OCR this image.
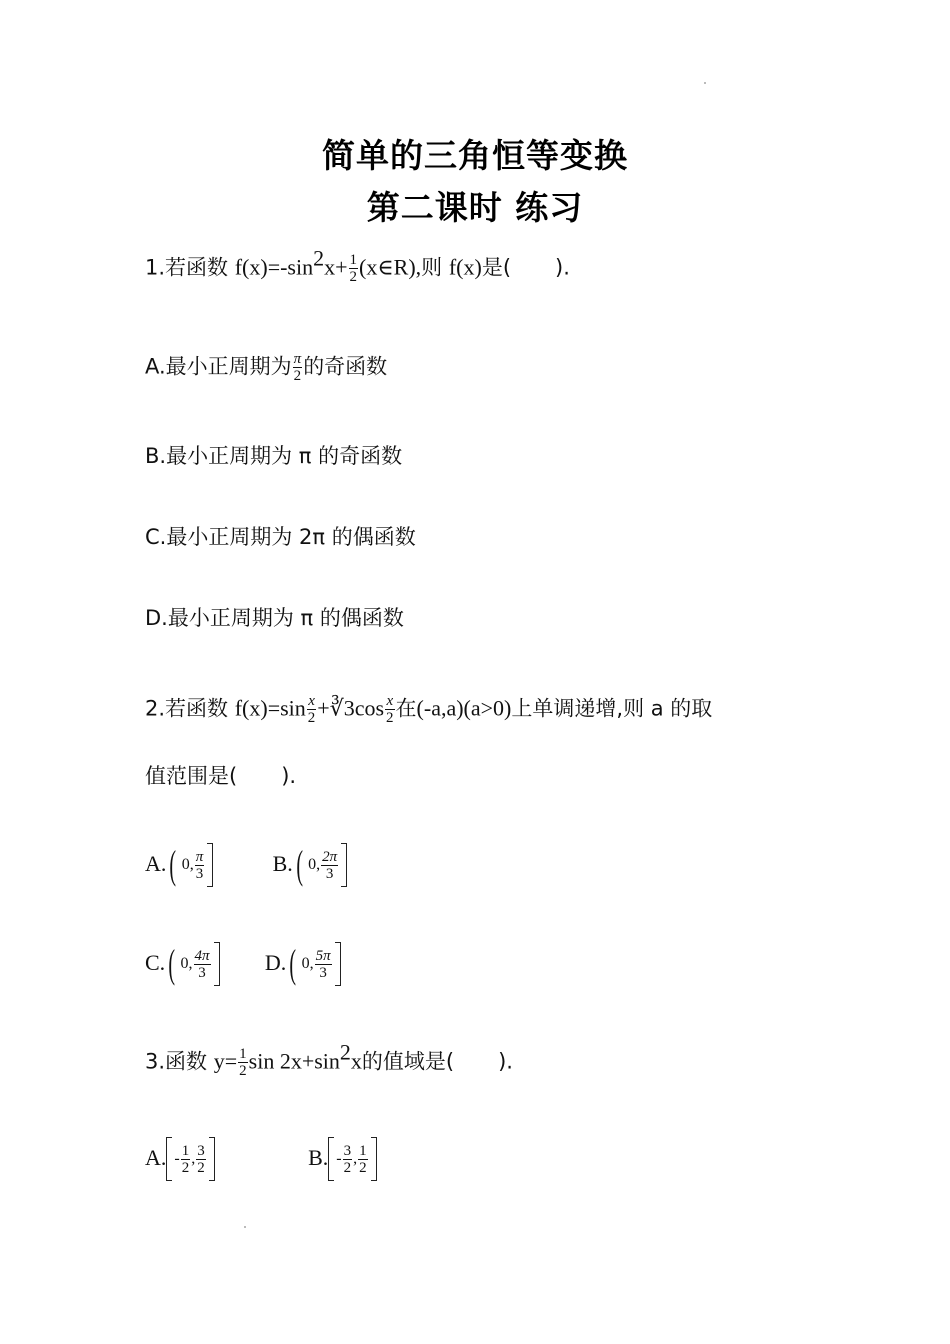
简单的三角恒等变换
第二课时 练习
1.若函数 $f(x)=-\sin^2x+ \frac{1}{2}$ (x∈R),则 f(x)是( ).
A.最小正周期为 $\frac{\pi}{2}$ 的奇函数
B.最小正周期为 π 的奇函数
C.最小正周期为 2π 的偶函数
D.最小正周期为 π 的偶函数
2.若函数 $f(x)=\sin \frac{x}{2}$ +∛3cos $\frac{x}{2}$ 在(-a,a)(a>0)上单调递增,则 a 的取
值范围是( ).
A.( 0, $\frac{\pi}{3}$	B.( 0, $\frac{2\pi}{3}$
C.( 0, $\frac{4\pi}{3} D$.( 0, $\frac{5\pi}{3}$
3.函数 $y= \frac{1}{2}$ $\sin 2x+\sin^2x$的值域是( ).
A. - $\frac{1}{2}$ , $\frac{3}{2}$	B. - $\frac{3}{2}$ , $\frac{1}{2}$
